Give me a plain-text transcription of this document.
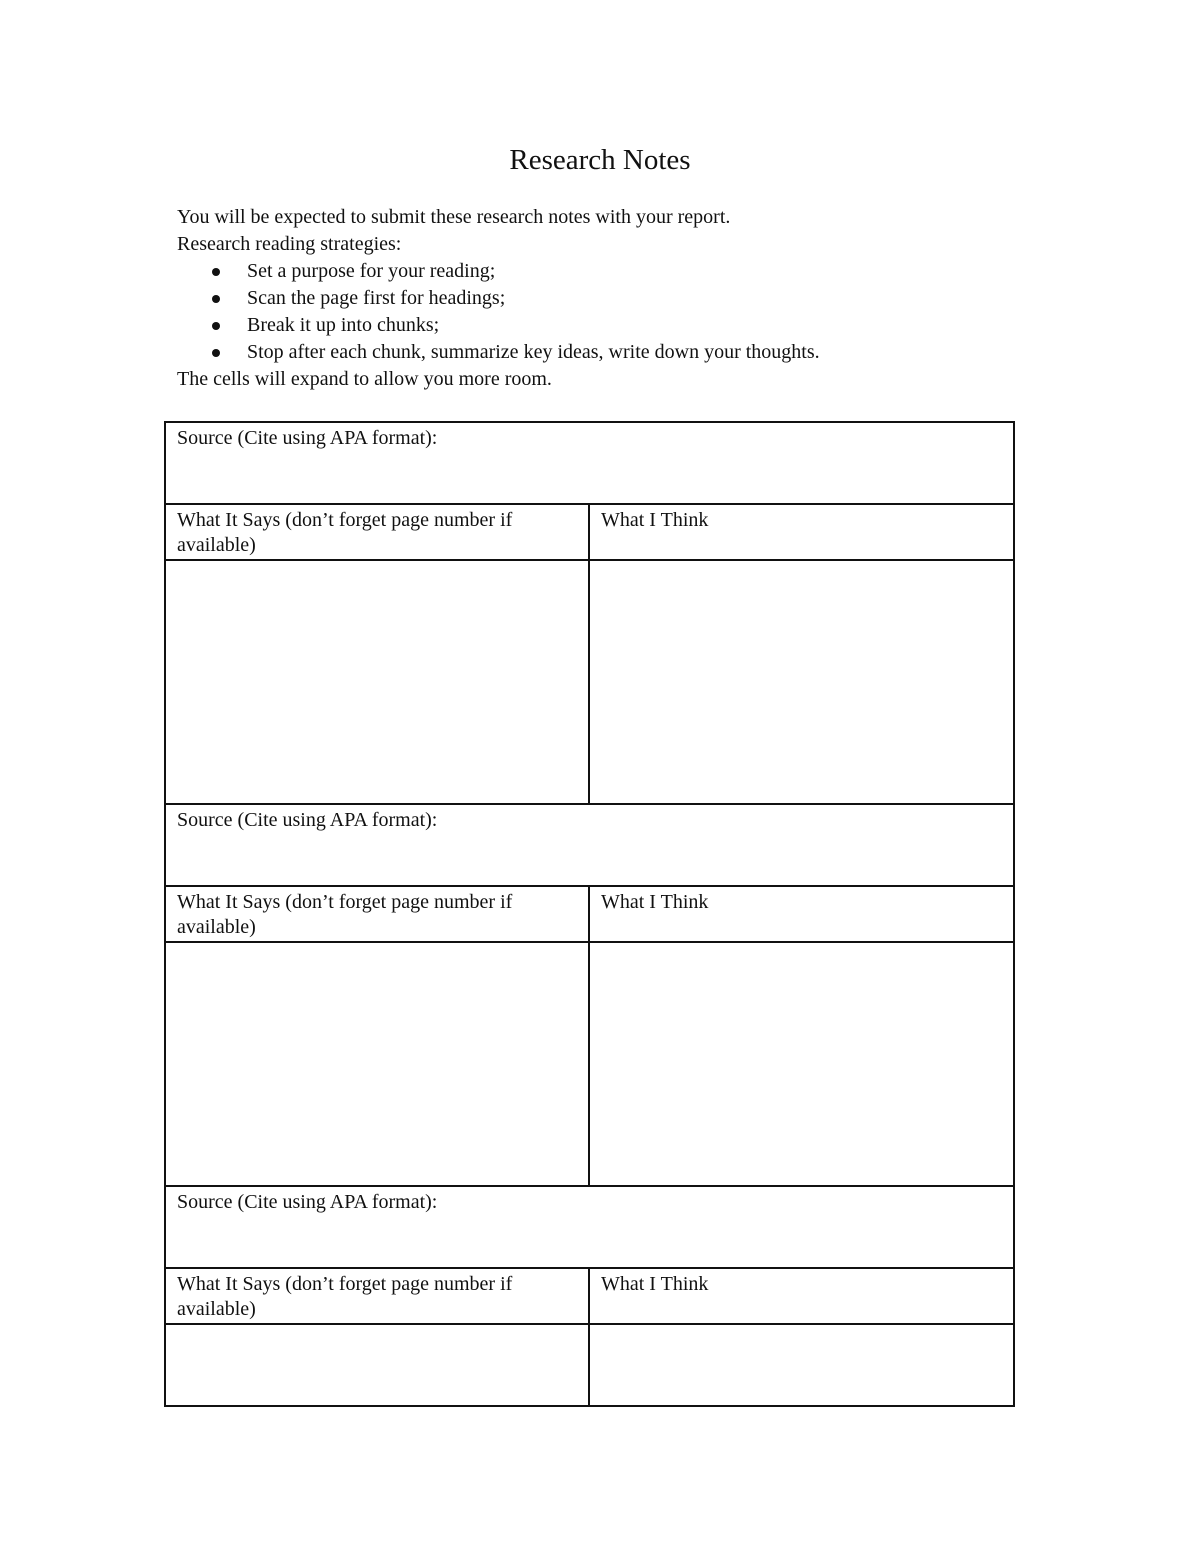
Research Notes

You will be expected to submit these research notes with your report.

Research reading strategies:

Set a purpose for your reading;
Scan the page first for headings;
Break it up into chunks;
Stop after each chunk, summarize key ideas, write down your thoughts.

The cells will expand to allow you more room.

Source (Cite using APA format):	
What It Says (don’t forget page number if available)	What I Think

Source (Cite using APA format):	
What It Says (don’t forget page number if available)	What I Think

Source (Cite using APA format):	
What It Says (don’t forget page number if available)	What I Think
